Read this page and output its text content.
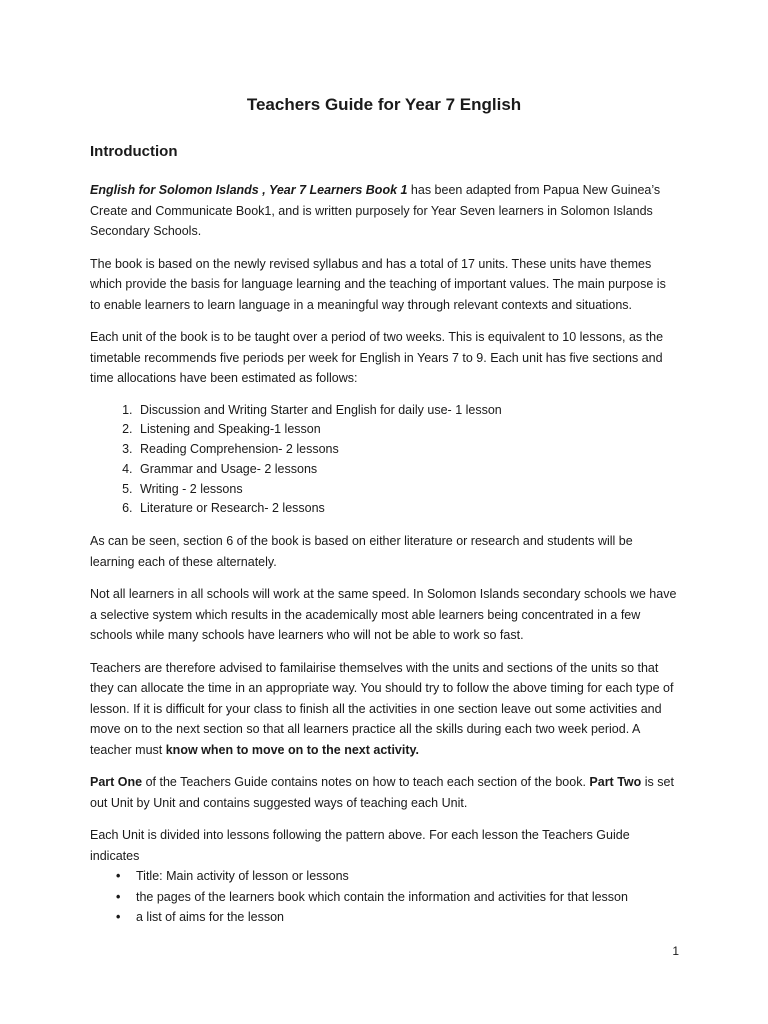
Teachers Guide for Year 7 English
Introduction

English for Solomon Islands , Year 7 Learners Book 1 has been adapted from Papua New Guinea’s Create and Communicate Book1, and is written purposely for Year Seven learners in Solomon Islands Secondary Schools.

The book is based on the newly revised syllabus and has a total of 17 units. These units have themes which provide the basis for language learning and the teaching of important values. The main purpose is to enable learners to learn language in a meaningful way through relevant contexts and situations.

Each unit of the book is to be taught over a period of two weeks. This is equivalent to 10 lessons, as the timetable recommends five periods per week for English in Years 7 to 9. Each unit has five sections and time allocations have been estimated as follows:

1. Discussion and Writing Starter and English for daily use- 1 lesson
2. Listening and Speaking-1 lesson
3. Reading Comprehension- 2 lessons
4. Grammar and Usage- 2 lessons
5. Writing - 2 lessons
6. Literature or Research- 2 lessons

As can be seen, section 6 of the book is based on either literature or research and students will be learning each of these alternately.

Not all learners in all schools will work at the same speed. In Solomon Islands secondary schools we have a selective system which results in the academically most able learners being concentrated in a few schools while many schools have learners who will not be able to work so fast.

Teachers are therefore advised to familairise themselves with the units and sections of the units so that they can allocate the time in an appropriate way. You should try to follow the above timing for each type of lesson. If it is difficult for your class to finish all the activities in one section leave out some activities and move on to the next section so that all learners practice all the skills during each two week period. A teacher must know when to move on to the next activity.

Part One of the Teachers Guide contains notes on how to teach each section of the book. Part Two is set out Unit by Unit and contains suggested ways of teaching each Unit.

Each Unit is divided into lessons following the pattern above. For each lesson the Teachers Guide indicates

• Title: Main activity of lesson or lessons
• the pages of the learners book which contain the information and activities for that lesson
• a list of aims for the lesson
1
